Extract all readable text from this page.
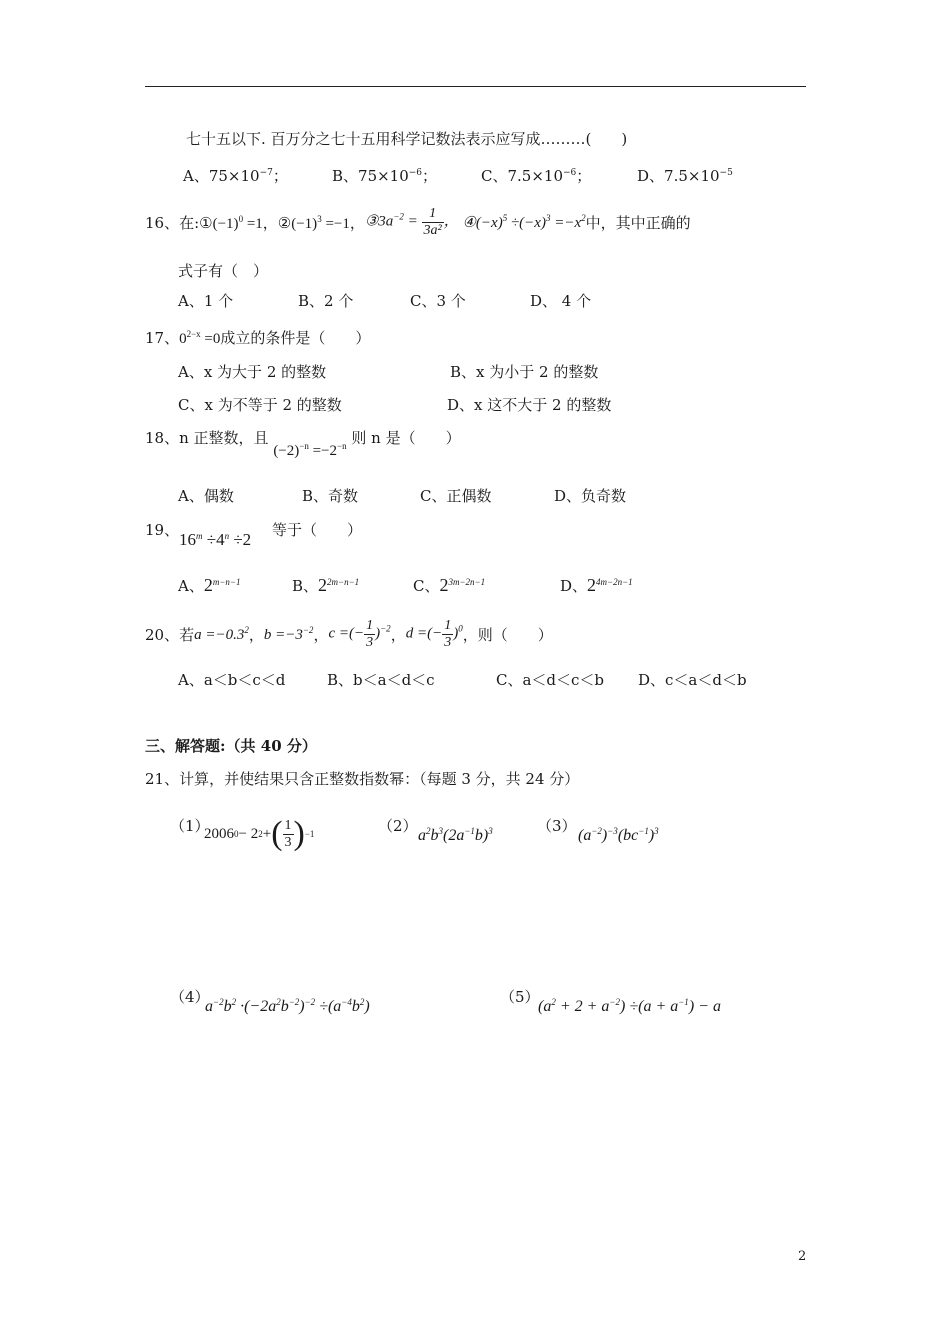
七十五以下. 百万分之七十五用科学记数法表示应写成………(　　)
A、$75\times 10^{-7}$；	B、$75\times 10^{-6}$；	C、$7.5\times 10^{-6}$；	D、$7.5\times 10^{-5}$
16、在: $①(-1)^0 =1$， $②(-1)^3 =-1$， $③3a^{-2} = \frac{1}{\text{3a²}}$ ， $④(-x)^5 \div(-x)^3 =-x^2$ 中，其中正确的
式子有（　）
A、1 个	B、2 个	C、3 个	D、 4 个
17、$0^{2-x} =0$成立的条件是（　　）
A、x 为大于 2 的整数	B、x 为小于 2 的整数
C、x 为不等于 2 的整数	D、x 这不大于 2 的整数
18、n 正整数，且 $(-2)^{-n} =-2^{-n}$ 则 n 是（　　）
A、偶数	B、奇数	C、正偶数	D、负奇数
19、 $16^m \div 4^n \div 2$ 等于（　　）
A、$2^{m-n-1}$	B、$2^{2m-n-1}$	C、$2^{3m-2n-1}$	D、$2^{4m-2n-1}$
20、若 $a =-0.3^2$ ， $b =-3^{-2}$ ， c =(− $\frac{1}{3} )^{-2}$ ， d =(− $\frac{1}{3} )^0$ ，则（　　）
A、a＜b＜c＜d	B、b＜a＜d＜c	C、a＜d＜c＜b D、c＜a＜d＜b
三、解答题:（共 40 分）
21、计算，并使结果只含正整数指数幂：（每题 3 分，共 24 分）
（1）
2006 0 − 2 2 + ( $\frac{1}{3}$ ) −1	（2）
$a^2b^3(2a^{-1}b)^3$	（3）
$(a^{-2})^{-3}(bc^{-1})^3$
（4）
$a^{-2}b^2 \cdot(-2a^2b^{-2})^{-2} \div(a^{-4}b^2)$
（5）
$(a^2 + 2 + a^{-2}) \div(a + a^{-1}) - a$
2
